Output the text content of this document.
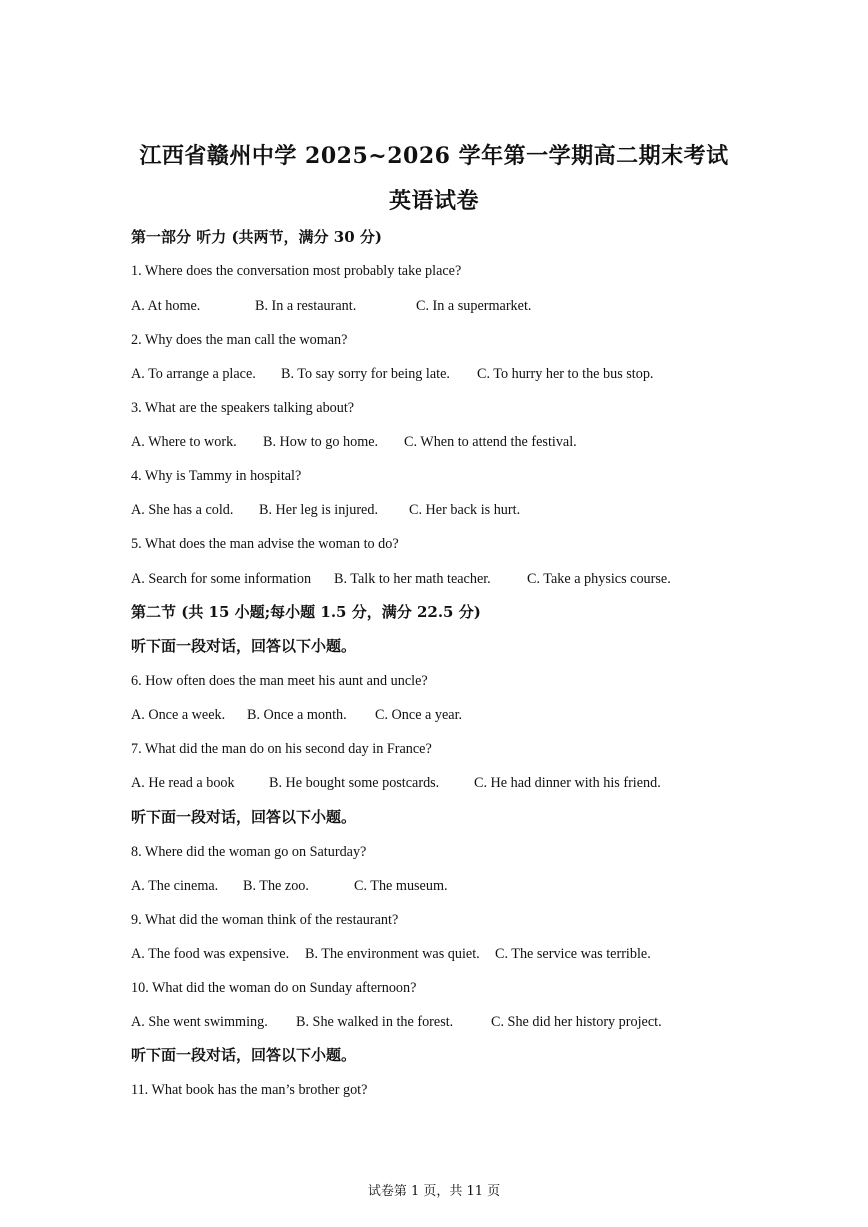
江西省赣州中学 2025~2026 学年第一学期高二期末考试
英语试卷
第一部分 听力 (共两节，满分 30 分)
1. Where does the conversation most probably take place?
A. At home.	B. In a restaurant.	C. In a supermarket.
2. Why does the man call the woman?
A. To arrange a place. B. To say sorry for being late. C. To hurry her to the bus stop.
3. What are the speakers talking about?
A. Where to work. B. How to go home. C. When to attend the festival.
4. Why is Tammy in hospital?
A. She has a cold. B. Her leg is injured. C. Her back is hurt.
5. What does the man advise the woman to do?
A. Search for some information B. Talk to her math teacher.	C. Take a physics course.
第二节 (共 15 小题;每小题 1.5 分，满分 22.5 分)
听下面一段对话，回答以下小题。
6. How often does the man meet his aunt and uncle?
A. Once a week. B. Once a month. C. Once a year.
7. What did the man do on his second day in France?
A. He read a book B. He bought some postcards. C. He had dinner with his friend.
听下面一段对话，回答以下小题。
8. Where did the woman go on Saturday?
A. The cinema. B. The zoo.	C. The museum.
9. What did the woman think of the restaurant?
A. The food was expensive. B. The environment was quiet. C. The service was terrible.
10. What did the woman do on Sunday afternoon?
A. She went swimming. B. She walked in the forest.	C. She did her history project.
听下面一段对话，回答以下小题。
11. What book has the man’s brother got?
试卷第 1 页，共 11 页
